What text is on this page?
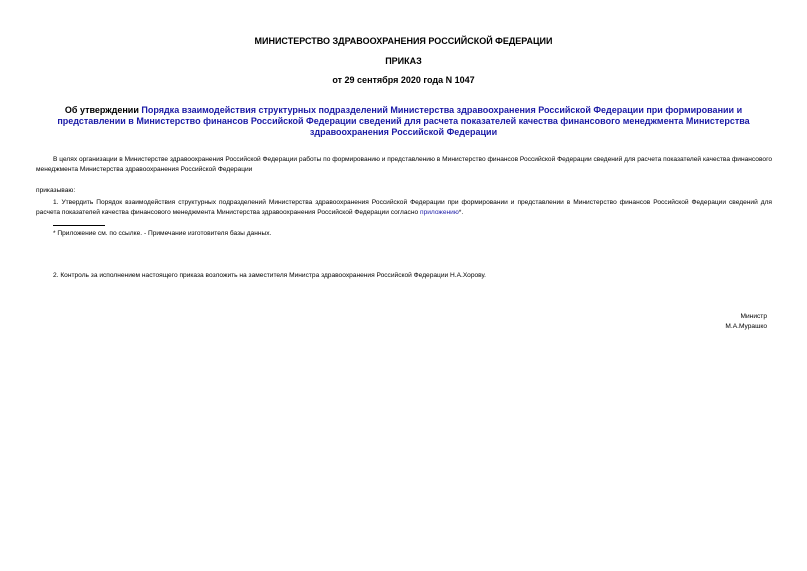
МИНИСТЕРСТВО ЗДРАВООХРАНЕНИЯ РОССИЙСКОЙ ФЕДЕРАЦИИ
ПРИКАЗ
от 29 сентября 2020 года N 1047
Об утверждении Порядка взаимодействия структурных подразделений Министерства здравоохранения Российской Федерации при формировании и представлении в Министерство финансов Российской Федерации сведений для расчета показателей качества финансового менеджмента Министерства здравоохранения Российской Федерации
В целях организации в Министерстве здравоохранения Российской Федерации работы по формированию и представлению в Министерство финансов Российской Федерации сведений для расчета показателей качества финансового менеджмента Министерства здравоохранения Российской Федерации
приказываю:
1. Утвердить Порядок взаимодействия структурных подразделений Министерства здравоохранения Российской Федерации при формировании и представлении в Министерство финансов Российской Федерации сведений для расчета показателей качества финансового менеджмента Министерства здравоохранения Российской Федерации согласно приложению*.
* Приложение см. по ссылке. - Примечание изготовителя базы данных.
2. Контроль за исполнением настоящего приказа возложить на заместителя Министра здравоохранения Российской Федерации Н.А.Хорову.
Министр
М.А.Мурашко
